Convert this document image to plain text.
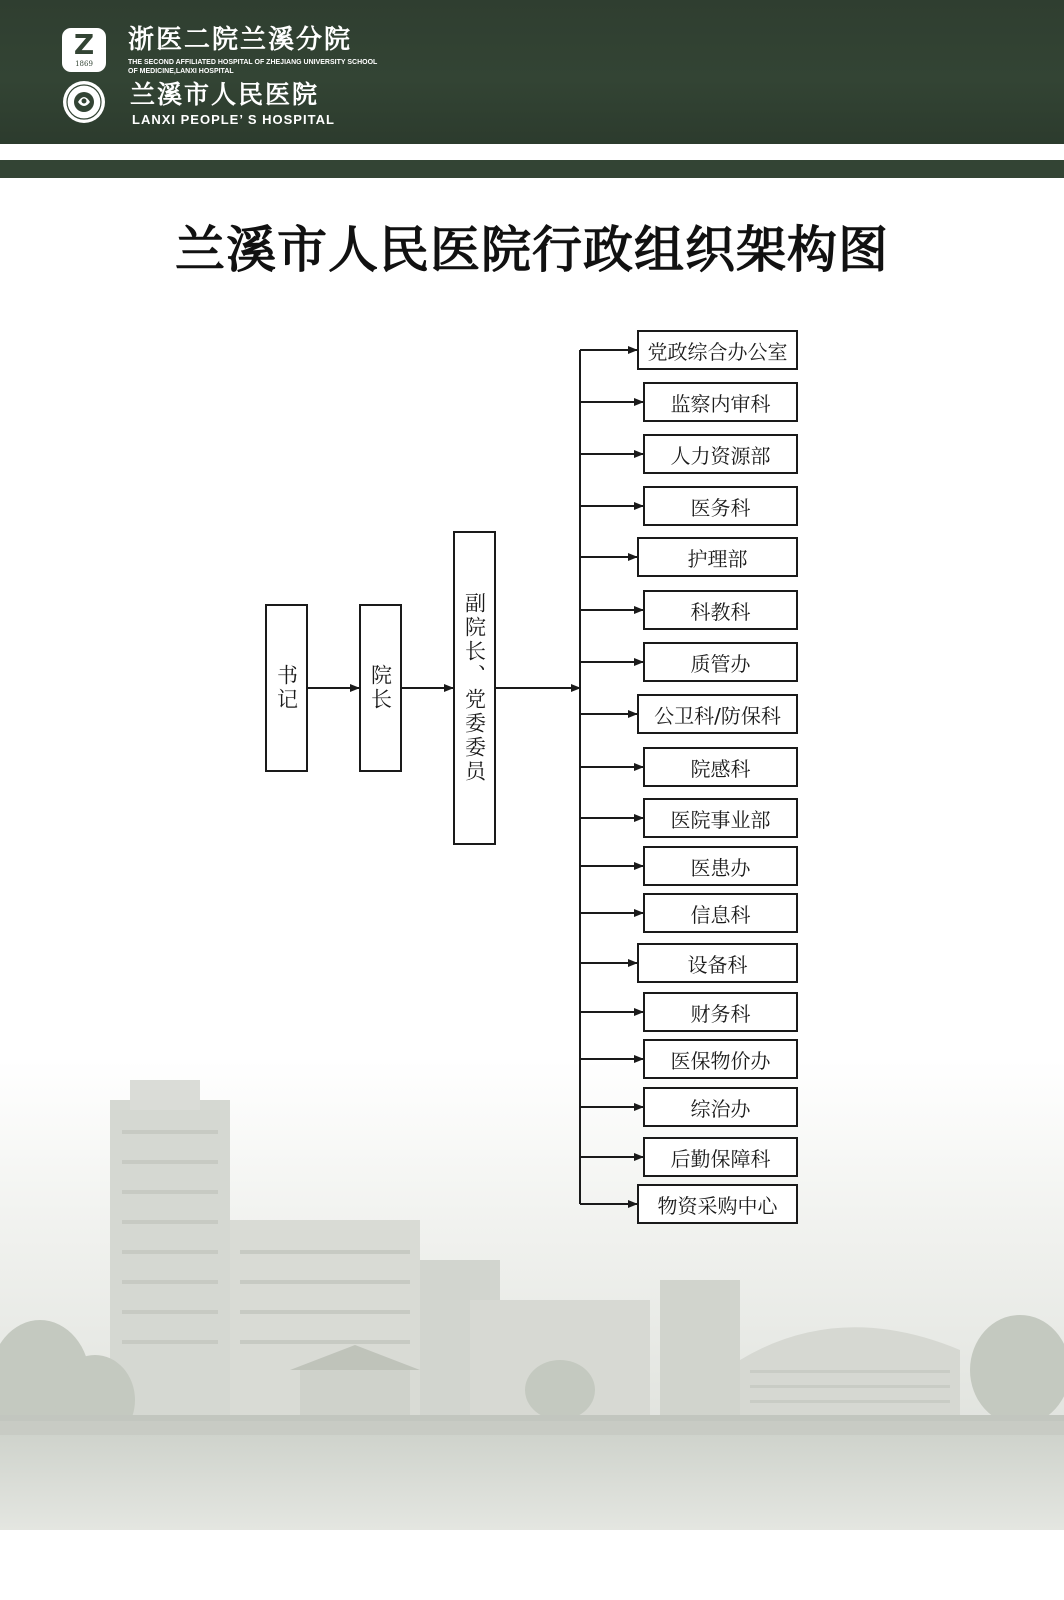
Z
1869
浙医二院兰溪分院
THE SECOND AFFILIATED HOSPITAL OF ZHEJIANG UNIVERSITY SCHOOL
OF MEDICINE,LANXI HOSPITAL
兰溪市人民医院
LANXI PEOPLE’ S HOSPITAL
兰溪市人民医院行政组织架构图
书记	院长	副院长、党委委员
党政综合办公室
监察内审科
人力资源部
医务科
护理部
科教科
质管办
公卫科/防保科
院感科
医院事业部
医患办
信息科
设备科
财务科
医保物价办
综治办
后勤保障科
物资采购中心
